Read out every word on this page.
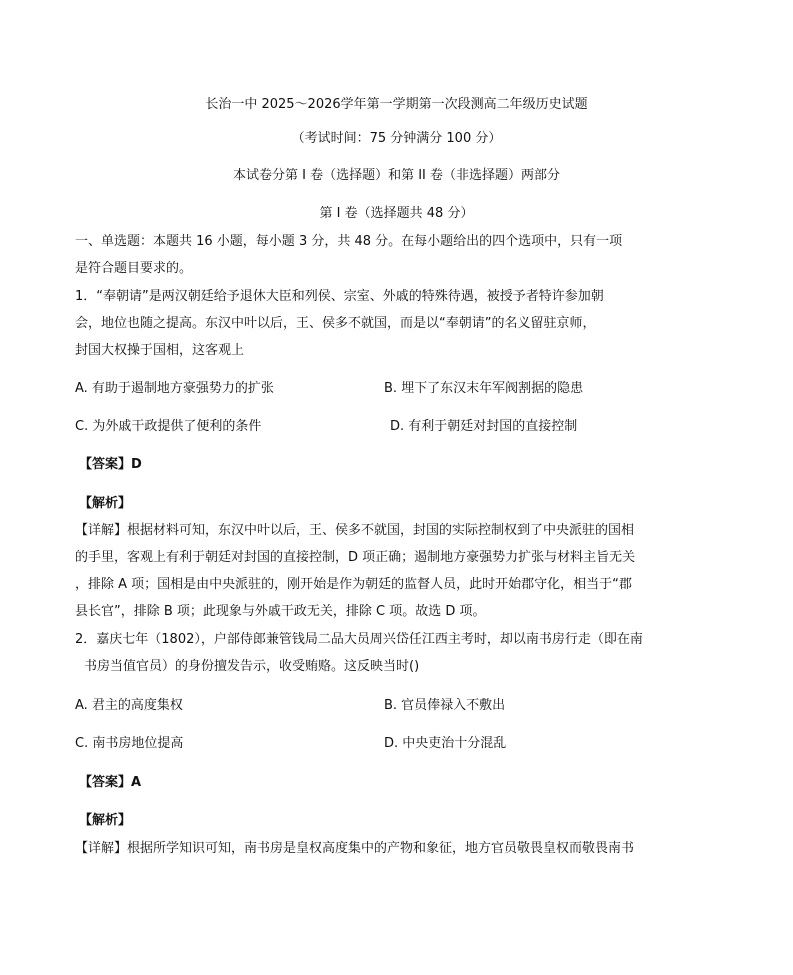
长治一中 2025～2026学年第一学期第一次段测高二年级历史试题
（考试时间：75 分钟满分 100 分）
本试卷分第 I 卷（选择题）和第 II 卷（非选择题）两部分
第 I 卷（选择题共 48 分）
一、单选题：本题共 16 小题，每小题 3 分，共 48 分。在每小题给出的四个选项中，只有一项
是符合题目要求的。
1．“奉朝请”是两汉朝廷给予退休大臣和列侯、宗室、外戚的特殊待遇，被授予者特许参加朝
会，地位也随之提高。东汉中叶以后，王、侯多不就国，而是以“奉朝请”的名义留驻京师，
封国大权操于国相，这客观上
A. 有助于遏制地方豪强势力的扩张	B. 埋下了东汉末年军阀割据的隐患
C. 为外戚干政提供了便利的条件	D. 有利于朝廷对封国的直接控制
【答案】D
【解析】
【详解】根据材料可知，东汉中叶以后，王、侯多不就国，封国的实际控制权到了中央派驻的国相
的手里，客观上有利于朝廷对封国的直接控制，D 项正确；遏制地方豪强势力扩张与材料主旨无关
，排除 A 项；国相是由中央派驻的，刚开始是作为朝廷的监督人员，此时开始郡守化，相当于“郡
县长官”，排除 B 项；此现象与外戚干政无关，排除 C 项。故选 D 项。
2．嘉庆七年（1802），户部侍郎兼管钱局二品大员周兴岱任江西主考时，却以南书房行走（即在南
书房当值官员）的身份擅发告示，收受贿赂。这反映当时()
A. 君主的高度集权	B. 官员俸禄入不敷出
C. 南书房地位提高	D. 中央吏治十分混乱
【答案】A
【解析】
【详解】根据所学知识可知，南书房是皇权高度集中的产物和象征，地方官员敬畏皇权而敬畏南书
